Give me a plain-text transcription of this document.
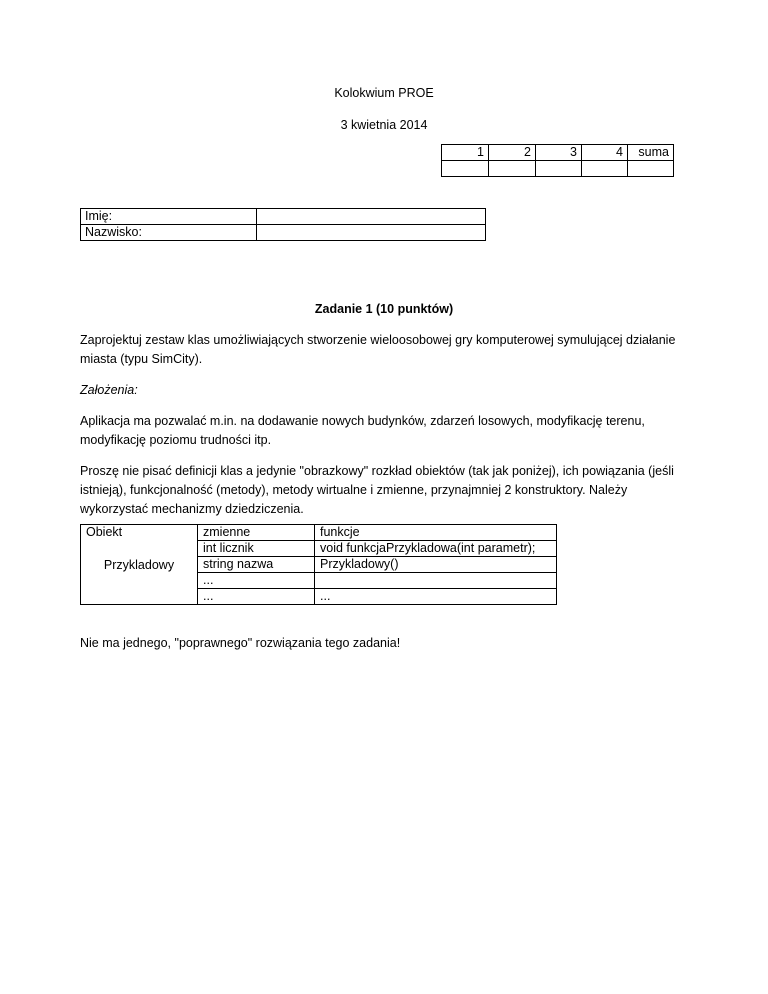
Kolokwium PROE
3 kwietnia 2014
1	2	3	4	suma

Imię:	
Nazwisko:	
Zadanie 1 (10 punktów)
Zaprojektuj zestaw klas umożliwiających stworzenie wieloosobowej gry komputerowej symulującej działanie miasta (typu SimCity).
Założenia:
Aplikacja ma pozwalać m.in. na dodawanie nowych budynków, zdarzeń losowych, modyfikację terenu, modyfikację poziomu trudności itp.
Proszę nie pisać definicji klas a jedynie "obrazkowy" rozkład obiektów (tak jak poniżej), ich powiązania (jeśli istnieją), funkcjonalność (metody), metody wirtualne i zmienne, przynajmniej 2 konstruktory. Należy wykorzystać mechanizmy dziedziczenia.
Obiekt	zmienne	funkcje
	int licznik	void funkcjaPrzykladowa(int parametr);
Przykladowy	string nazwa	Przykladowy()
	...	
	...	...
Nie ma jednego, "poprawnego" rozwiązania tego zadania!
